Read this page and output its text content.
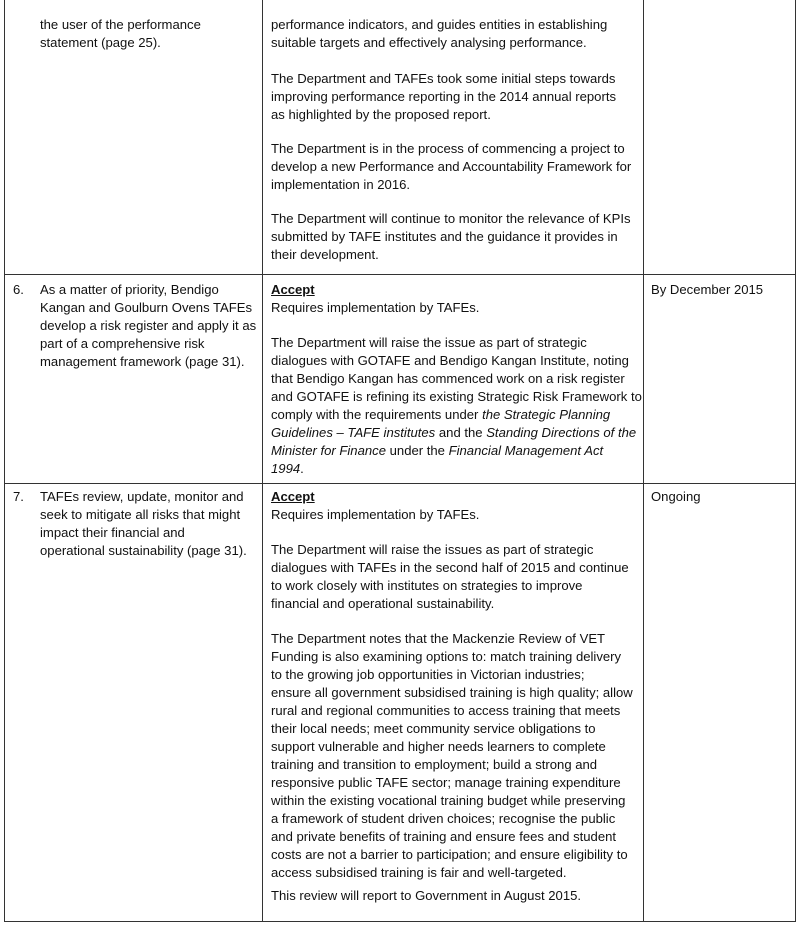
the user of the performance
statement (page 25).
performance indicators, and guides entities in establishing
suitable targets and effectively analysing performance.
The Department and TAFEs took some initial steps towards
improving performance reporting in the 2014 annual reports
as highlighted by the proposed report.
The Department is in the process of commencing a project to
develop a new Performance and Accountability Framework for
implementation in 2016.
The Department will continue to monitor the relevance of KPIs
submitted by TAFE institutes and the guidance it provides in
their development.
6. As a matter of priority, Bendigo
Kangan and Goulburn Ovens TAFEs
develop a risk register and apply it as
part of a comprehensive risk
management framework (page 31).
Accept
Requires implementation by TAFEs.
The Department will raise the issue as part of strategic
dialogues with GOTAFE and Bendigo Kangan Institute, noting
that Bendigo Kangan has commenced work on a risk register
and GOTAFE is refining its existing Strategic Risk Framework to
comply with the requirements under the Strategic Planning
Guidelines – TAFE institutes and the Standing Directions of the
Minister for Finance under the Financial Management Act
1994.
By December 2015
7. TAFEs review, update, monitor and
seek to mitigate all risks that might
impact their financial and
operational sustainability (page 31).
Accept
Requires implementation by TAFEs.
The Department will raise the issues as part of strategic
dialogues with TAFEs in the second half of 2015 and continue
to work closely with institutes on strategies to improve
financial and operational sustainability.
The Department notes that the Mackenzie Review of VET
Funding is also examining options to: match training delivery
to the growing job opportunities in Victorian industries;
ensure all government subsidised training is high quality; allow
rural and regional communities to access training that meets
their local needs; meet community service obligations to
support vulnerable and higher needs learners to complete
training and transition to employment; build a strong and
responsive public TAFE sector; manage training expenditure
within the existing vocational training budget while preserving
a framework of student driven choices; recognise the public
and private benefits of training and ensure fees and student
costs are not a barrier to participation; and ensure eligibility to
access subsidised training is fair and well-targeted.
This review will report to Government in August 2015.
Ongoing
